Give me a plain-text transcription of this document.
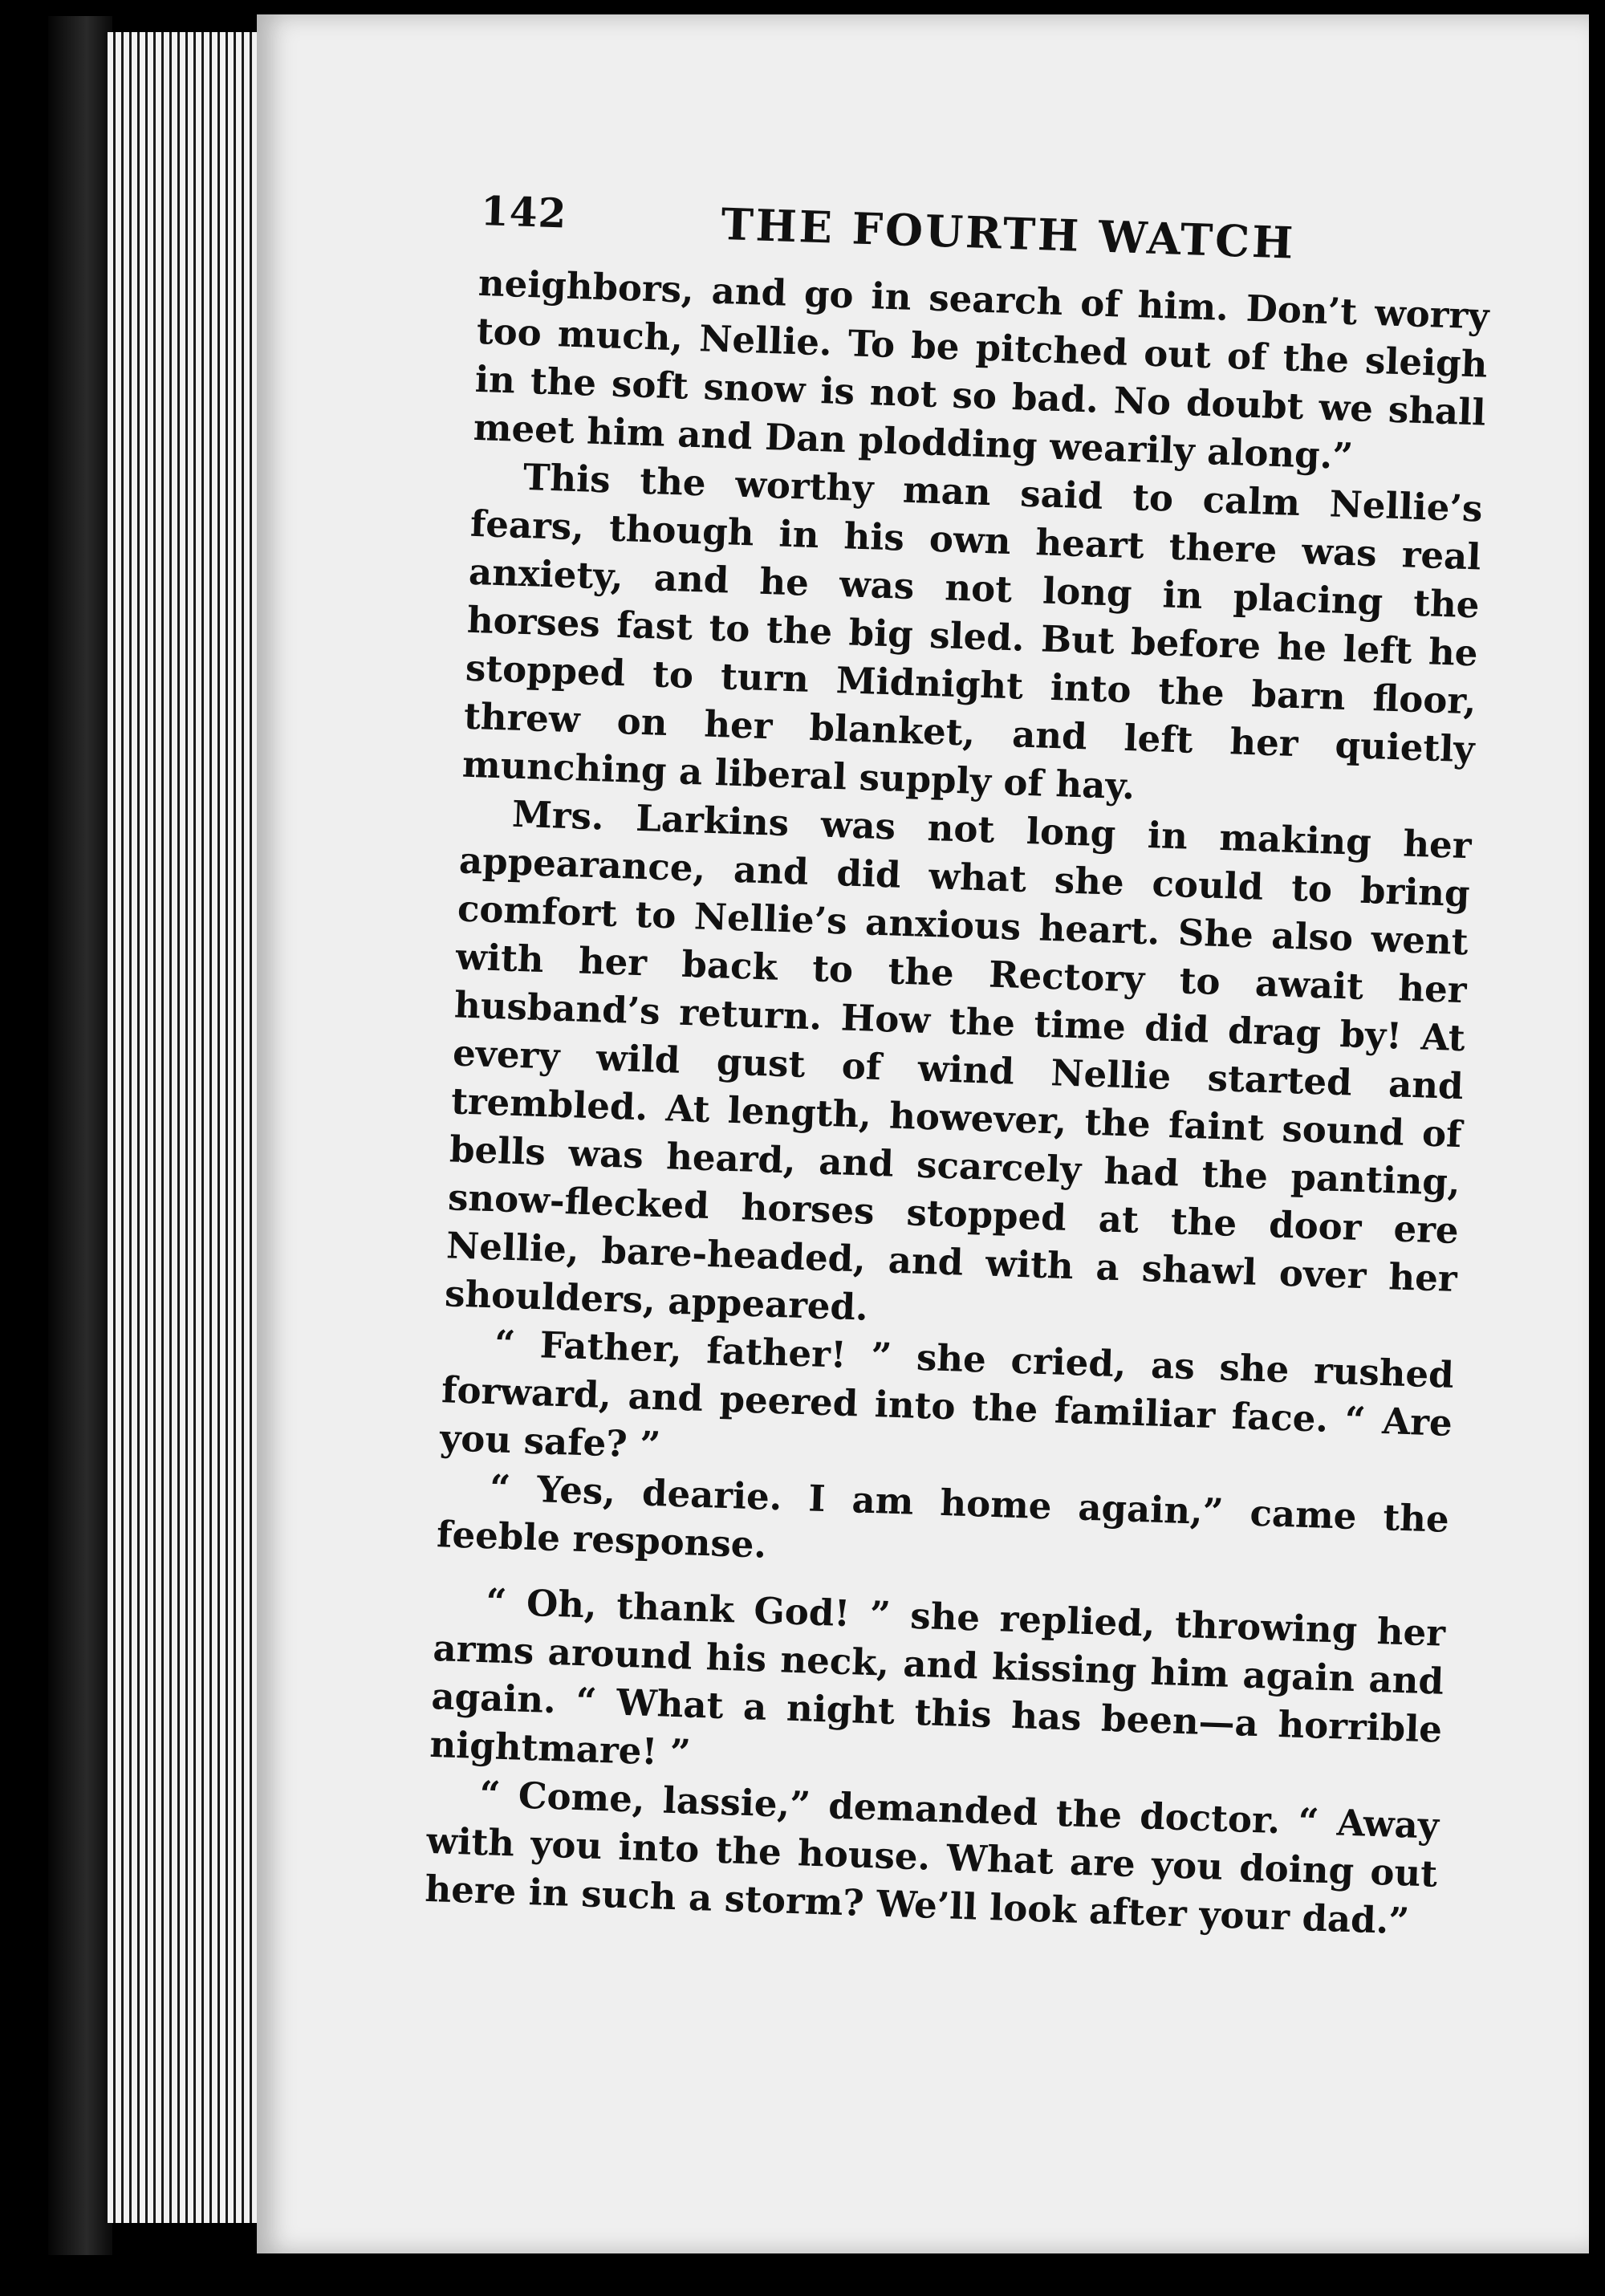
142	THE FOURTH WATCH

neighbors, and go in search of him. Don’t worry too much, Nellie. To be pitched out of the sleigh in the soft snow is not so bad. No doubt we shall meet him and Dan plodding wearily along.”

This the worthy man said to calm Nellie’s fears, though in his own heart there was real anxiety, and he was not long in placing the horses fast to the big sled. But before he left he stopped to turn Midnight into the barn floor, threw on her blanket, and left her quietly munching a liberal supply of hay.

Mrs. Larkins was not long in making her appearance, and did what she could to bring comfort to Nellie’s anxious heart. She also went with her back to the Rectory to await her husband’s return. How the time did drag by! At every wild gust of wind Nellie started and trembled. At length, however, the faint sound of bells was heard, and scarcely had the panting, snow-flecked horses stopped at the door ere Nellie, bare-headed, and with a shawl over her shoulders, appeared.

“ Father, father! ” she cried, as she rushed forward, and peered into the familiar face. “ Are you safe? ”

“ Yes, dearie. I am home again,” came the feeble response.

“ Oh, thank God! ” she replied, throwing her arms around his neck, and kissing him again and again. “ What a night this has been—a horrible nightmare! ”

“ Come, lassie,” demanded the doctor. “ Away with you into the house. What are you doing out here in such a storm? We’ll look after your dad.”
